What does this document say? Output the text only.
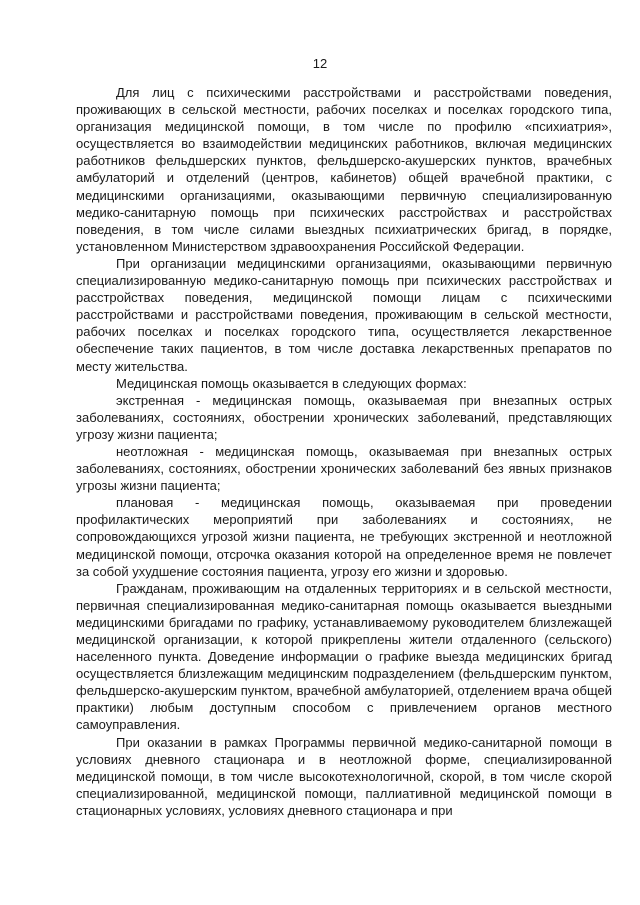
12

Для лиц с психическими расстройствами и расстройствами поведения, проживающих в сельской местности, рабочих поселках и поселках городского типа, организация медицинской помощи, в том числе по профилю «психиатрия», осуществляется во взаимодействии медицинских работников, включая медицинских работников фельдшерских пунктов, фельдшерско-акушерских пунктов, врачебных амбулаторий и отделений (центров, кабинетов) общей врачебной практики, с медицинскими организациями, оказывающими первичную специализированную медико-санитарную помощь при психических расстройствах и расстройствах поведения, в том числе силами выездных психиатрических бригад, в порядке, установленном Министерством здравоохранения Российской Федерации.

При организации медицинскими организациями, оказывающими первичную специализированную медико-санитарную помощь при психических расстройствах и расстройствах поведения, медицинской помощи лицам с психическими расстройствами и расстройствами поведения, проживающим в сельской местности, рабочих поселках и поселках городского типа, осуществляется лекарственное обеспечение таких пациентов, в том числе доставка лекарственных препаратов по месту жительства.

Медицинская помощь оказывается в следующих формах:

экстренная - медицинская помощь, оказываемая при внезапных острых заболеваниях, состояниях, обострении хронических заболеваний, представляющих угрозу жизни пациента;

неотложная - медицинская помощь, оказываемая при внезапных острых заболеваниях, состояниях, обострении хронических заболеваний без явных признаков угрозы жизни пациента;

плановая - медицинская помощь, оказываемая при проведении профилактических мероприятий при заболеваниях и состояниях, не сопровождающихся угрозой жизни пациента, не требующих экстренной и неотложной медицинской помощи, отсрочка оказания которой на определенное время не повлечет за собой ухудшение состояния пациента, угрозу его жизни и здоровью.

Гражданам, проживающим на отдаленных территориях и в сельской местности, первичная специализированная медико-санитарная помощь оказывается выездными медицинскими бригадами по графику, устанавливаемому руководителем близлежащей медицинской организации, к которой прикреплены жители отдаленного (сельского) населенного пункта. Доведение информации о графике выезда медицинских бригад осуществляется близлежащим медицинским подразделением (фельдшерским пунктом, фельдшерско-акушерским пунктом, врачебной амбулаторией, отделением врача общей практики) любым доступным способом с привлечением органов местного самоуправления.

При оказании в рамках Программы первичной медико-санитарной помощи в условиях дневного стационара и в неотложной форме, специализированной медицинской помощи, в том числе высокотехнологичной, скорой, в том числе скорой специализированной, медицинской помощи, паллиативной медицинской помощи в стационарных условиях, условиях дневного стационара и при
